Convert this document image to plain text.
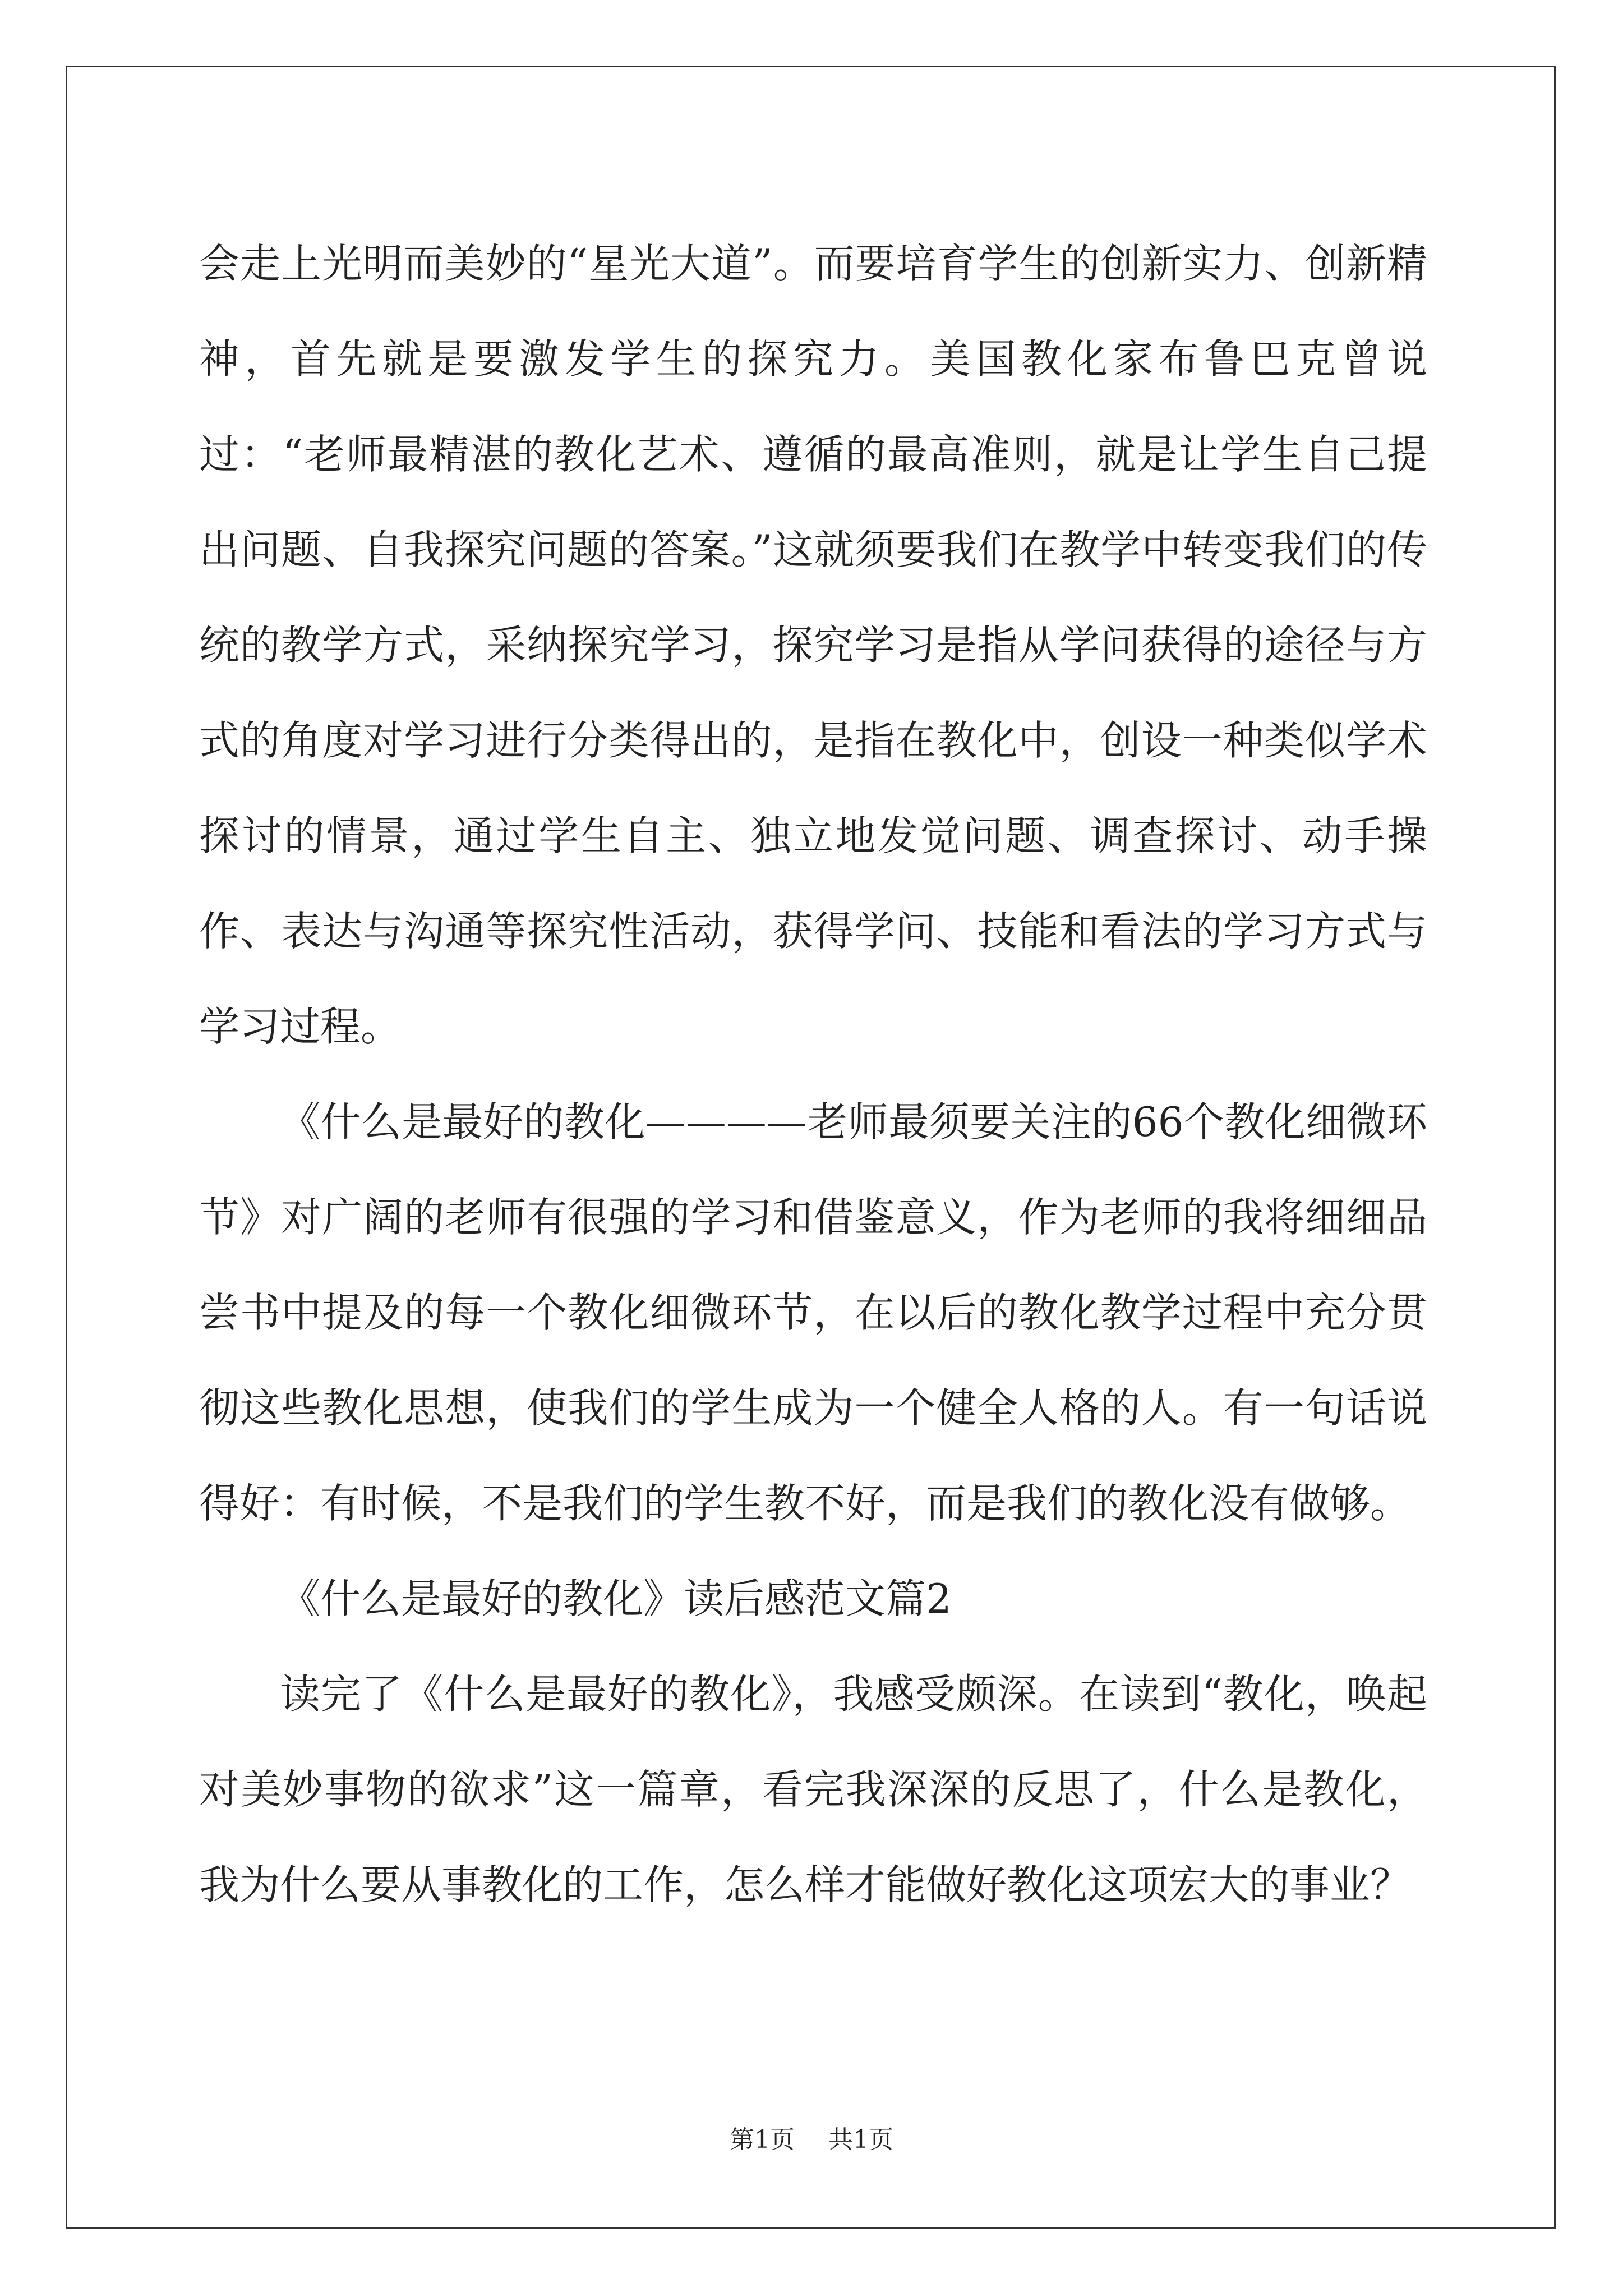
会走上光明而美妙的“星光大道”。而要培育学生的创新实力、创新精神，首先就是要激发学生的探究力。美国教化家布鲁巴克曾说过：“老师最精湛的教化艺术、遵循的最高准则，就是让学生自己提出问题、自我探究问题的答案。”这就须要我们在教学中转变我们的传统的教学方式，采纳探究学习，探究学习是指从学问获得的途径与方式的角度对学习进行分类得出的，是指在教化中，创设一种类似学术探讨的情景，通过学生自主、独立地发觉问题、调查探讨、动手操作、表达与沟通等探究性活动，获得学问、技能和看法的学习方式与学习过程。

《什么是最好的教化————老师最须要关注的66个教化细微环节》对广阔的老师有很强的学习和借鉴意义，作为老师的我将细细品尝书中提及的每一个教化细微环节，在以后的教化教学过程中充分贯彻这些教化思想，使我们的学生成为一个健全人格的人。有一句话说得好：有时候，不是我们的学生教不好，而是我们的教化没有做够。

《什么是最好的教化》读后感范文篇2

读完了《什么是最好的教化》，我感受颇深。在读到“教化，唤起对美妙事物的欲求”这一篇章，看完我深深的反思了，什么是教化，我为什么要从事教化的工作，怎么样才能做好教化这项宏大的事业？

第1页 共1页
